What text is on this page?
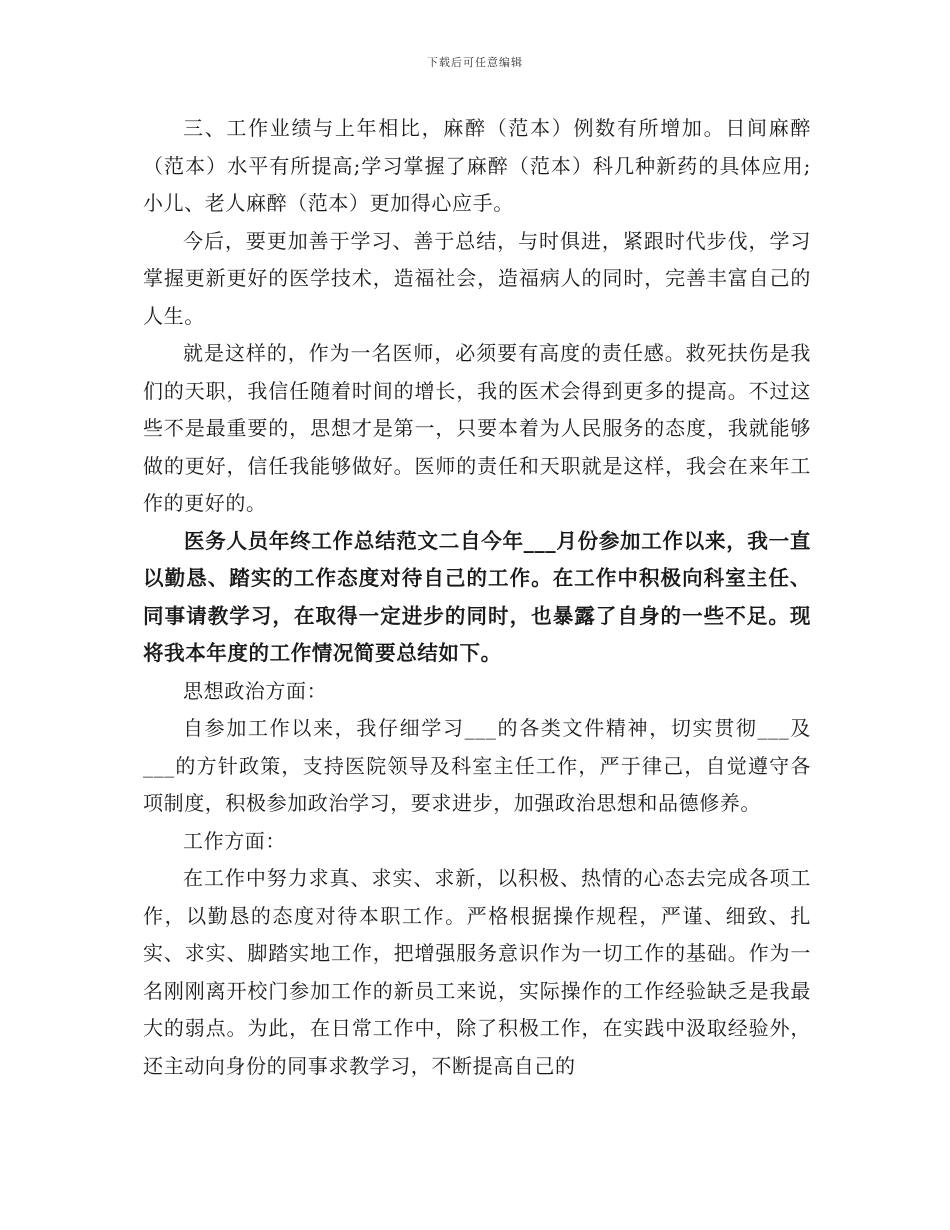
下载后可任意编辑

三、工作业绩与上年相比，麻醉（范本）例数有所增加。日间麻醉（范本）水平有所提高;学习掌握了麻醉（范本）科几种新药的具体应用;小儿、老人麻醉（范本）更加得心应手。

今后，要更加善于学习、善于总结，与时俱进，紧跟时代步伐，学习掌握更新更好的医学技术，造福社会，造福病人的同时，完善丰富自己的人生。

就是这样的，作为一名医师，必须要有高度的责任感。救死扶伤是我们的天职，我信任随着时间的增长，我的医术会得到更多的提高。不过这些不是最重要的，思想才是第一，只要本着为人民服务的态度，我就能够做的更好，信任我能够做好。医师的责任和天职就是这样，我会在来年工作的更好的。

医务人员年终工作总结范文二自今年___月份参加工作以来，我一直以勤恳、踏实的工作态度对待自己的工作。在工作中积极向科室主任、同事请教学习，在取得一定进步的同时，也暴露了自身的一些不足。现将我本年度的工作情况简要总结如下。

思想政治方面：

自参加工作以来，我仔细学习___的各类文件精神，切实贯彻___及___的方针政策，支持医院领导及科室主任工作，严于律己，自觉遵守各项制度，积极参加政治学习，要求进步，加强政治思想和品德修养。

工作方面：

在工作中努力求真、求实、求新，以积极、热情的心态去完成各项工作，以勤恳的态度对待本职工作。严格根据操作规程，严谨、细致、扎实、求实、脚踏实地工作，把增强服务意识作为一切工作的基础。作为一名刚刚离开校门参加工作的新员工来说，实际操作的工作经验缺乏是我最大的弱点。为此，在日常工作中，除了积极工作，在实践中汲取经验外，还主动向身份的同事求教学习，不断提高自己的
